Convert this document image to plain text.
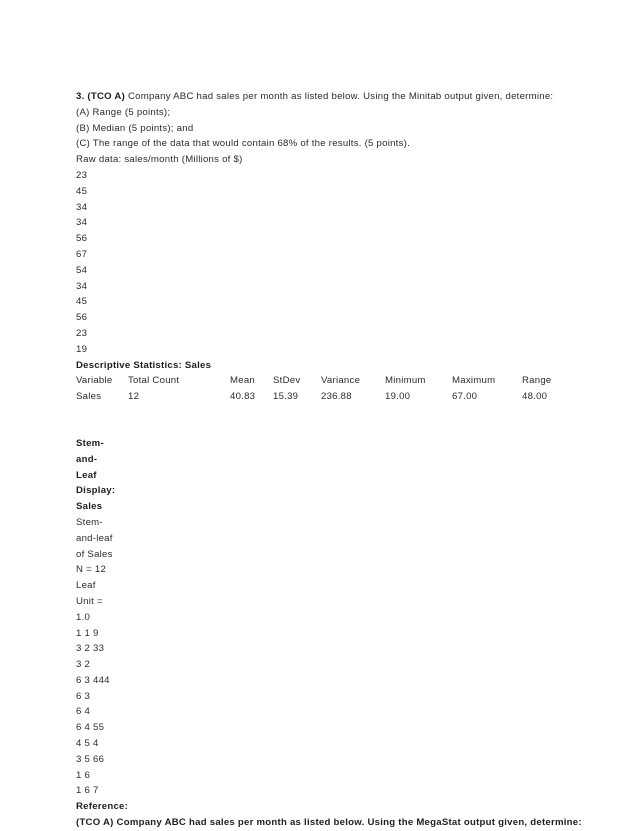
3. (TCO A) Company ABC had sales per month as listed below. Using the Minitab output given, determine:
(A) Range (5 points);
(B) Median (5 points); and
(C) The range of the data that would contain 68% of the results. (5 points).
Raw data: sales/month (Millions of $)
23
45
34
34
56
67
54
34
45
56
23
19
Descriptive Statistics: Sales
Variable Total Count	Mean StDev Variance	Minimum	Maximum	Range
Sales	12	40.83 15.39 236.88	19.00	67.00	48.00
Stem-
and-
Leaf
Display:
Sales
Stem-
and-leaf
of Sales
N = 12
Leaf
Unit =
1.0
1 1 9
3 2 33
3 2
6 3 444
6 3
6 4
6 4 55
4 5 4
3 5 66
1 6
1 6 7
Reference:
(TCO A) Company ABC had sales per month as listed below. Using the MegaStat output given, determine:
